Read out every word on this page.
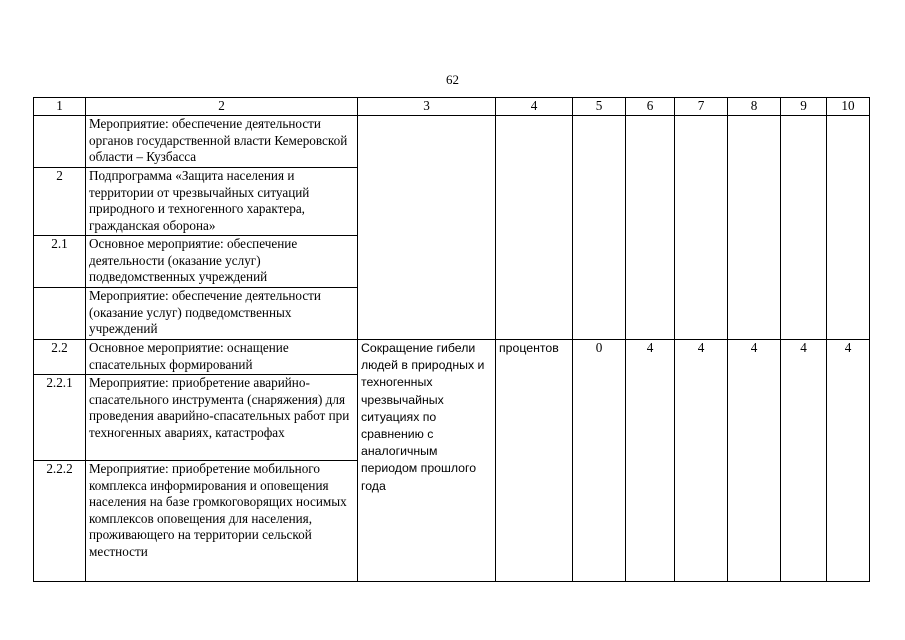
62
1	2	3	4	5	6	7	8	9	10
	Мероприятие: обеспечение деятельности органов государственной власти Кемеровской области – Кузбасса								
2	Подпрограмма «Защита населения и территории от чрезвычайных ситуаций природного и техногенного характера, гражданская оборона»								
2.1	Основное мероприятие: обеспечение деятельности (оказание услуг) подведомственных учреждений								
	Мероприятие: обеспечение деятельности (оказание услуг) подведомственных учреждений								
2.2	Основное мероприятие: оснащение спасательных формирований	Сокращение гибели людей в природных и техногенных чрезвычайных ситуациях по сравнению с аналогичным периодом прошлого года	процентов	0	4	4	4	4	4
2.2.1	Мероприятие: приобретение аварийно-спасательного инструмента (снаряжения) для проведения аварийно-спасательных работ при техногенных авариях, катастрофах								
2.2.2	Мероприятие: приобретение мобильного комплекса информирования и оповещения населения на базе громкоговорящих носимых комплексов оповещения для населения, проживающего на территории сельской местности								
